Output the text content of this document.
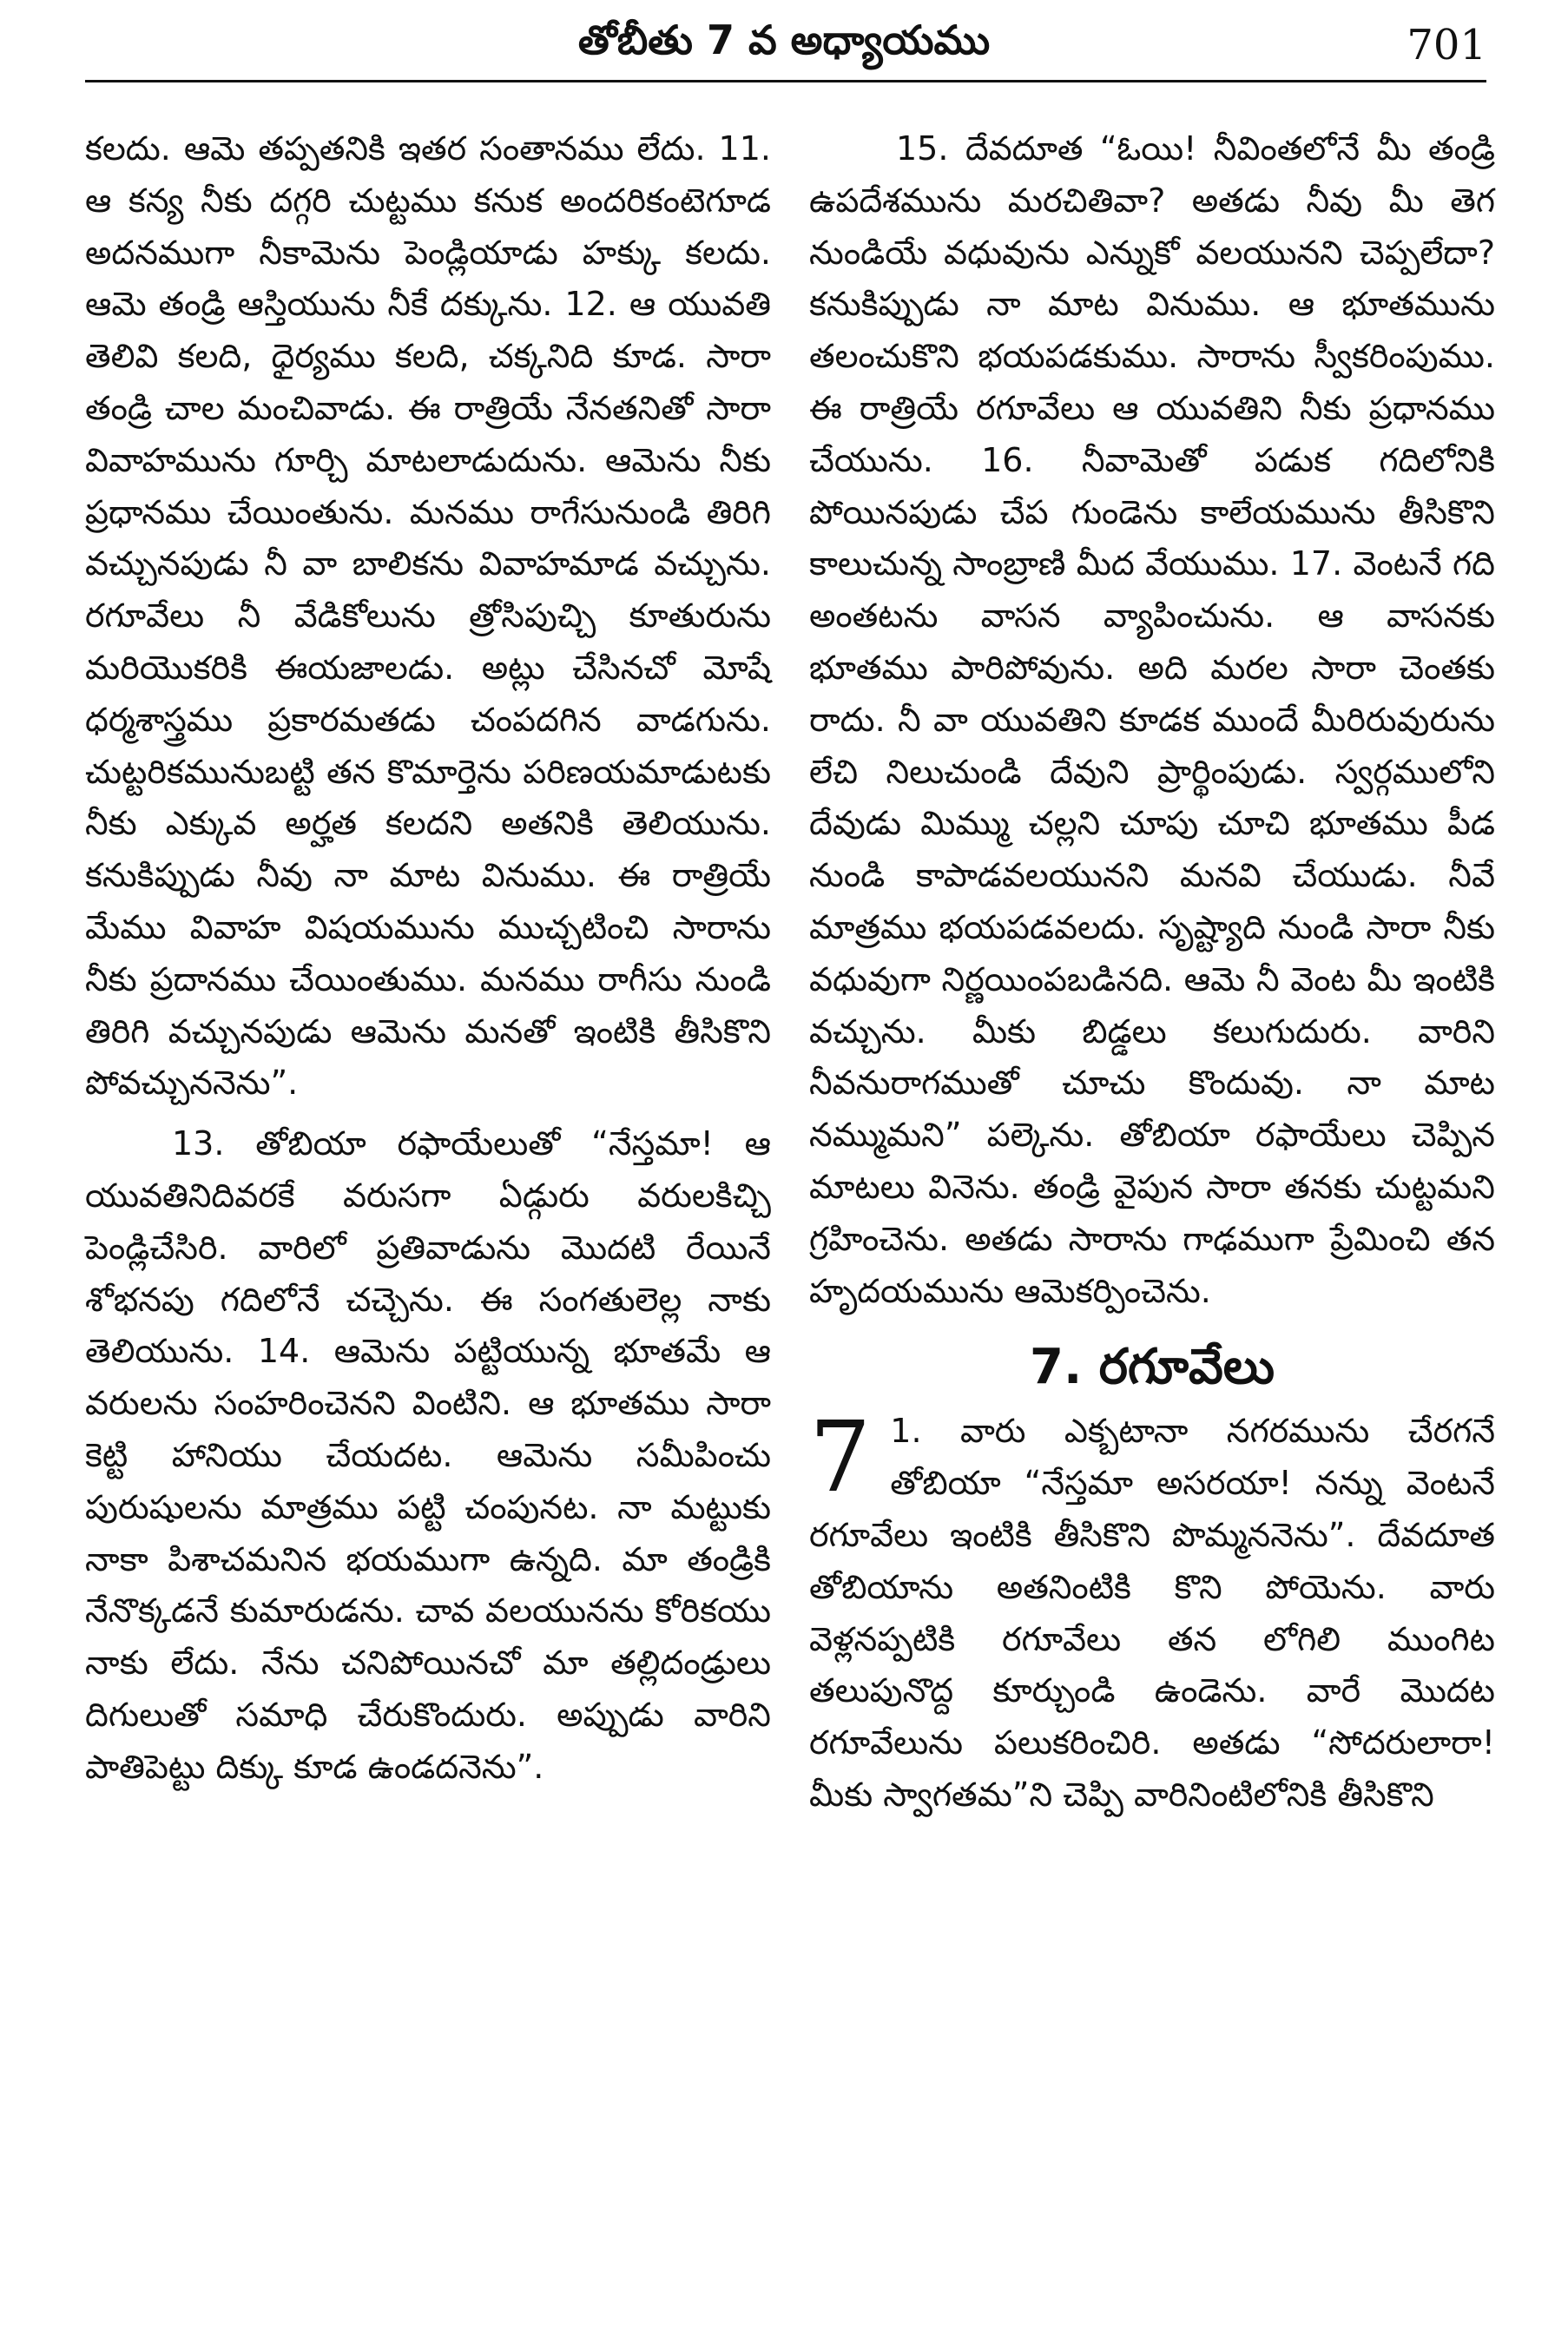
తోబీతు 7 వ అధ్యాయము	701

కలదు. ఆమె తప్పతనికి ఇతర సంతానము లేదు. 11. ఆ కన్య నీకు దగ్గరి చుట్టము కనుక అందరికంటెగూడ అదనముగా నీకామెను పెండ్లియాడు హక్కు కలదు. ఆమె తండ్రి ఆస్తియును నీకే దక్కును. 12. ఆ యువతి తెలివి కలది, ధైర్యము కలది, చక్కనిది కూడ. సారా తండ్రి చాల మంచివాడు. ఈ రాత్రియే నేనతనితో సారా వివాహమును గూర్చి మాటలాడుదును. ఆమెను నీకు ప్రధానము చేయింతును. మనము రాగేసునుండి తిరిగి వచ్చునపుడు నీ వా బాలికను వివాహమాడ వచ్చును. రగూవేలు నీ వేడికోలును త్రోసిపుచ్చి కూతురును మరియొకరికి ఈయజాలడు. అట్లు చేసినచో మోషే ధర్మశాస్త్రము ప్రకారమతడు చంపదగిన వాడగును. చుట్టరికమునుబట్టి తన కొమార్తెను పరిణయమాడుటకు నీకు ఎక్కువ అర్హత కలదని అతనికి తెలియును. కనుకిప్పుడు నీవు నా మాట వినుము. ఈ రాత్రియే మేము వివాహ విషయమును ముచ్చటించి సారాను నీకు ప్రదానము చేయింతుము. మనము రాగీసు నుండి తిరిగి వచ్చునపుడు ఆమెను మనతో ఇంటికి తీసికొని పోవచ్చుననెను”.

13. తోబియా రఫాయేలుతో “నేస్తమా! ఆ యువతినిదివరకే వరుసగా ఏడ్గురు వరులకిచ్చి పెండ్లిచేసిరి. వారిలో ప్రతివాడును మొదటి రేయినే శోభనపు గదిలోనే చచ్చెను. ఈ సంగతులెల్ల నాకు తెలియును. 14. ఆమెను పట్టియున్న భూతమే ఆ వరులను సంహరించెనని వింటిని. ఆ భూతము సారా కెట్టి హానియు చేయదట. ఆమెను సమీపించు పురుషులను మాత్రము పట్టి చంపునట. నా మట్టుకు నాకా పిశాచమనిన భయముగా ఉన్నది. మా తండ్రికి నేనొక్కడనే కుమారుడను. చావ వలయునను కోరికయు నాకు లేదు. నేను చనిపోయినచో మా తల్లిదండ్రులు దిగులుతో సమాధి చేరుకొందురు. అప్పుడు వారిని పాతిపెట్టు దిక్కు కూడ ఉండదనెను”.

15. దేవదూత “ఓయి! నీవింతలోనే మీ తండ్రి ఉపదేశమును మరచితివా? అతడు నీవు మీ తెగ నుండియే వధువును ఎన్నుకో వలయునని చెప్పలేదా? కనుకిప్పుడు నా మాట వినుము. ఆ భూతమును తలంచుకొని భయపడకుము. సారాను స్వీకరింపుము. ఈ రాత్రియే రగూవేలు ఆ యువతిని నీకు ప్రధానము చేయును. 16. నీవామెతో పడుక గదిలోనికి పోయినపుడు చేప గుండెను కాలేయమును తీసికొని కాలుచున్న సాంబ్రాణి మీద వేయుము. 17. వెంటనే గది అంతటను వాసన వ్యాపించును. ఆ వాసనకు భూతము పారిపోవును. అది మరల సారా చెంతకు రాదు. నీ వా యువతిని కూడక ముందే మీరిరువురును లేచి నిలుచుండి దేవుని ప్రార్థింపుడు. స్వర్గములోని దేవుడు మిమ్ము చల్లని చూపు చూచి భూతము పీడ నుండి కాపాడవలయునని మనవి చేయుడు. నీవే మాత్రము భయపడవలదు. సృష్ట్యాది నుండి సారా నీకు వధువుగా నిర్ణయింపబడినది. ఆమె నీ వెంట మీ ఇంటికి వచ్చును. మీకు బిడ్డలు కలుగుదురు. వారిని నీవనురాగముతో చూచు కొందువు. నా మాట నమ్ముమని” పల్కెను. తోబియా రఫాయేలు చెప్పిన మాటలు వినెను. తండ్రి వైపున సారా తనకు చుట్టమని గ్రహించెను. అతడు సారాను గాఢముగా ప్రేమించి తన హృదయమును ఆమెకర్పించెను.

7. రగూవేలు

7 1. వారు ఎక్బటానా నగరమును చేరగనే తోబియా “నేస్తమా అసరయా! నన్ను వెంటనే రగూవేలు ఇంటికి తీసికొని పొమ్మననెను”. దేవదూత తోబియాను అతనింటికి కొని పోయెను. వారు వెళ్లనప్పటికి రగూవేలు తన లోగిలి ముంగిట తలుపునొద్ద కూర్చుండి ఉండెను. వారే మొదట రగూవేలును పలుకరించిరి. అతడు “సోదరులారా! మీకు స్వాగతమ”ని చెప్పి వారినింటిలోనికి తీసికొని
